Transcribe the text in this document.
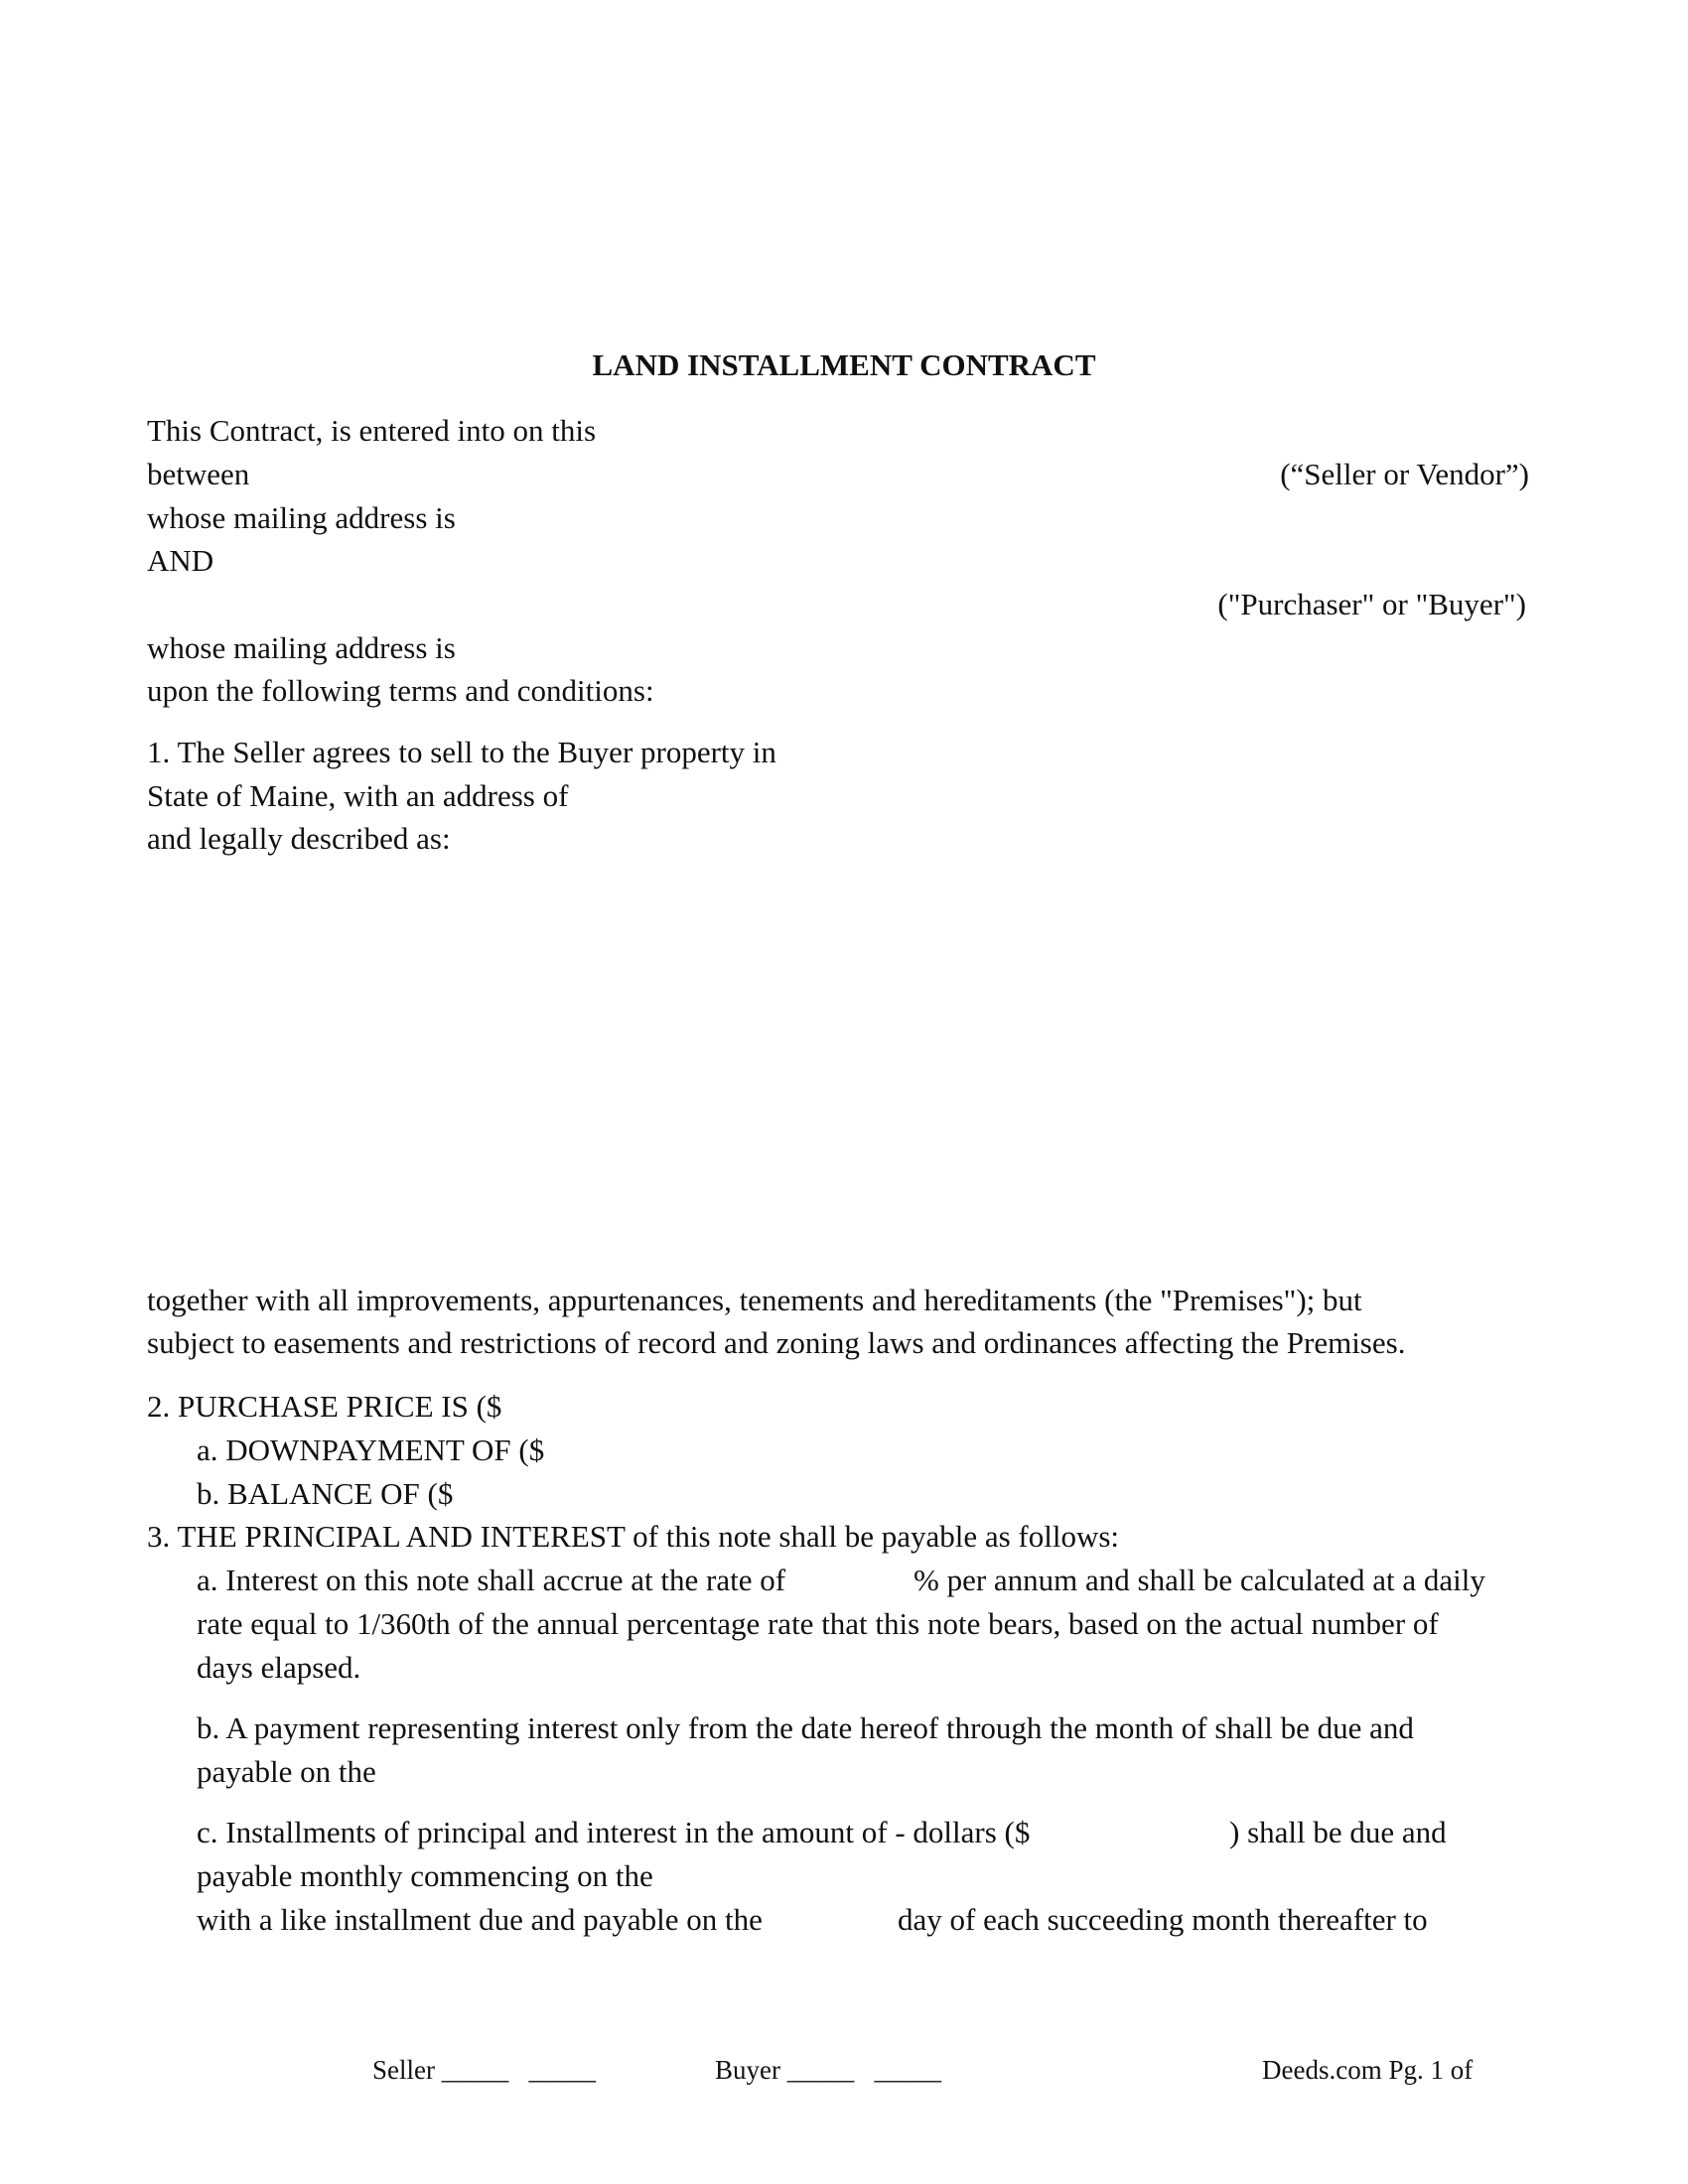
LAND INSTALLMENT CONTRACT
This Contract, is entered into on this
between	(“Seller or Vendor”)
whose mailing address is
AND
("Purchaser" or "Buyer")
whose mailing address is
upon the following terms and conditions:
1. The Seller agrees to sell to the Buyer property in
State of Maine, with an address of
and legally described as:
together with all improvements, appurtenances, tenements and hereditaments (the "Premises"); but
subject to easements and restrictions of record and zoning laws and ordinances affecting the Premises.
2. PURCHASE PRICE IS ($
a. DOWNPAYMENT OF ($
b. BALANCE OF ($
3. THE PRINCIPAL AND INTEREST of this note shall be payable as follows:
a. Interest on this note shall accrue at the rate of	% per annum and shall be calculated at a daily
rate equal to 1/360th of the annual percentage rate that this note bears, based on the actual number of
days elapsed.
b. A payment representing interest only from the date hereof through the month of shall be due and
payable on the
c. Installments of principal and interest in the amount of - dollars ($	) shall be due and
payable monthly commencing on the
with a like installment due and payable on the	day of each succeeding month thereafter to
Seller _____   _____	Buyer _____   _____	Deeds.com Pg. 1 of
